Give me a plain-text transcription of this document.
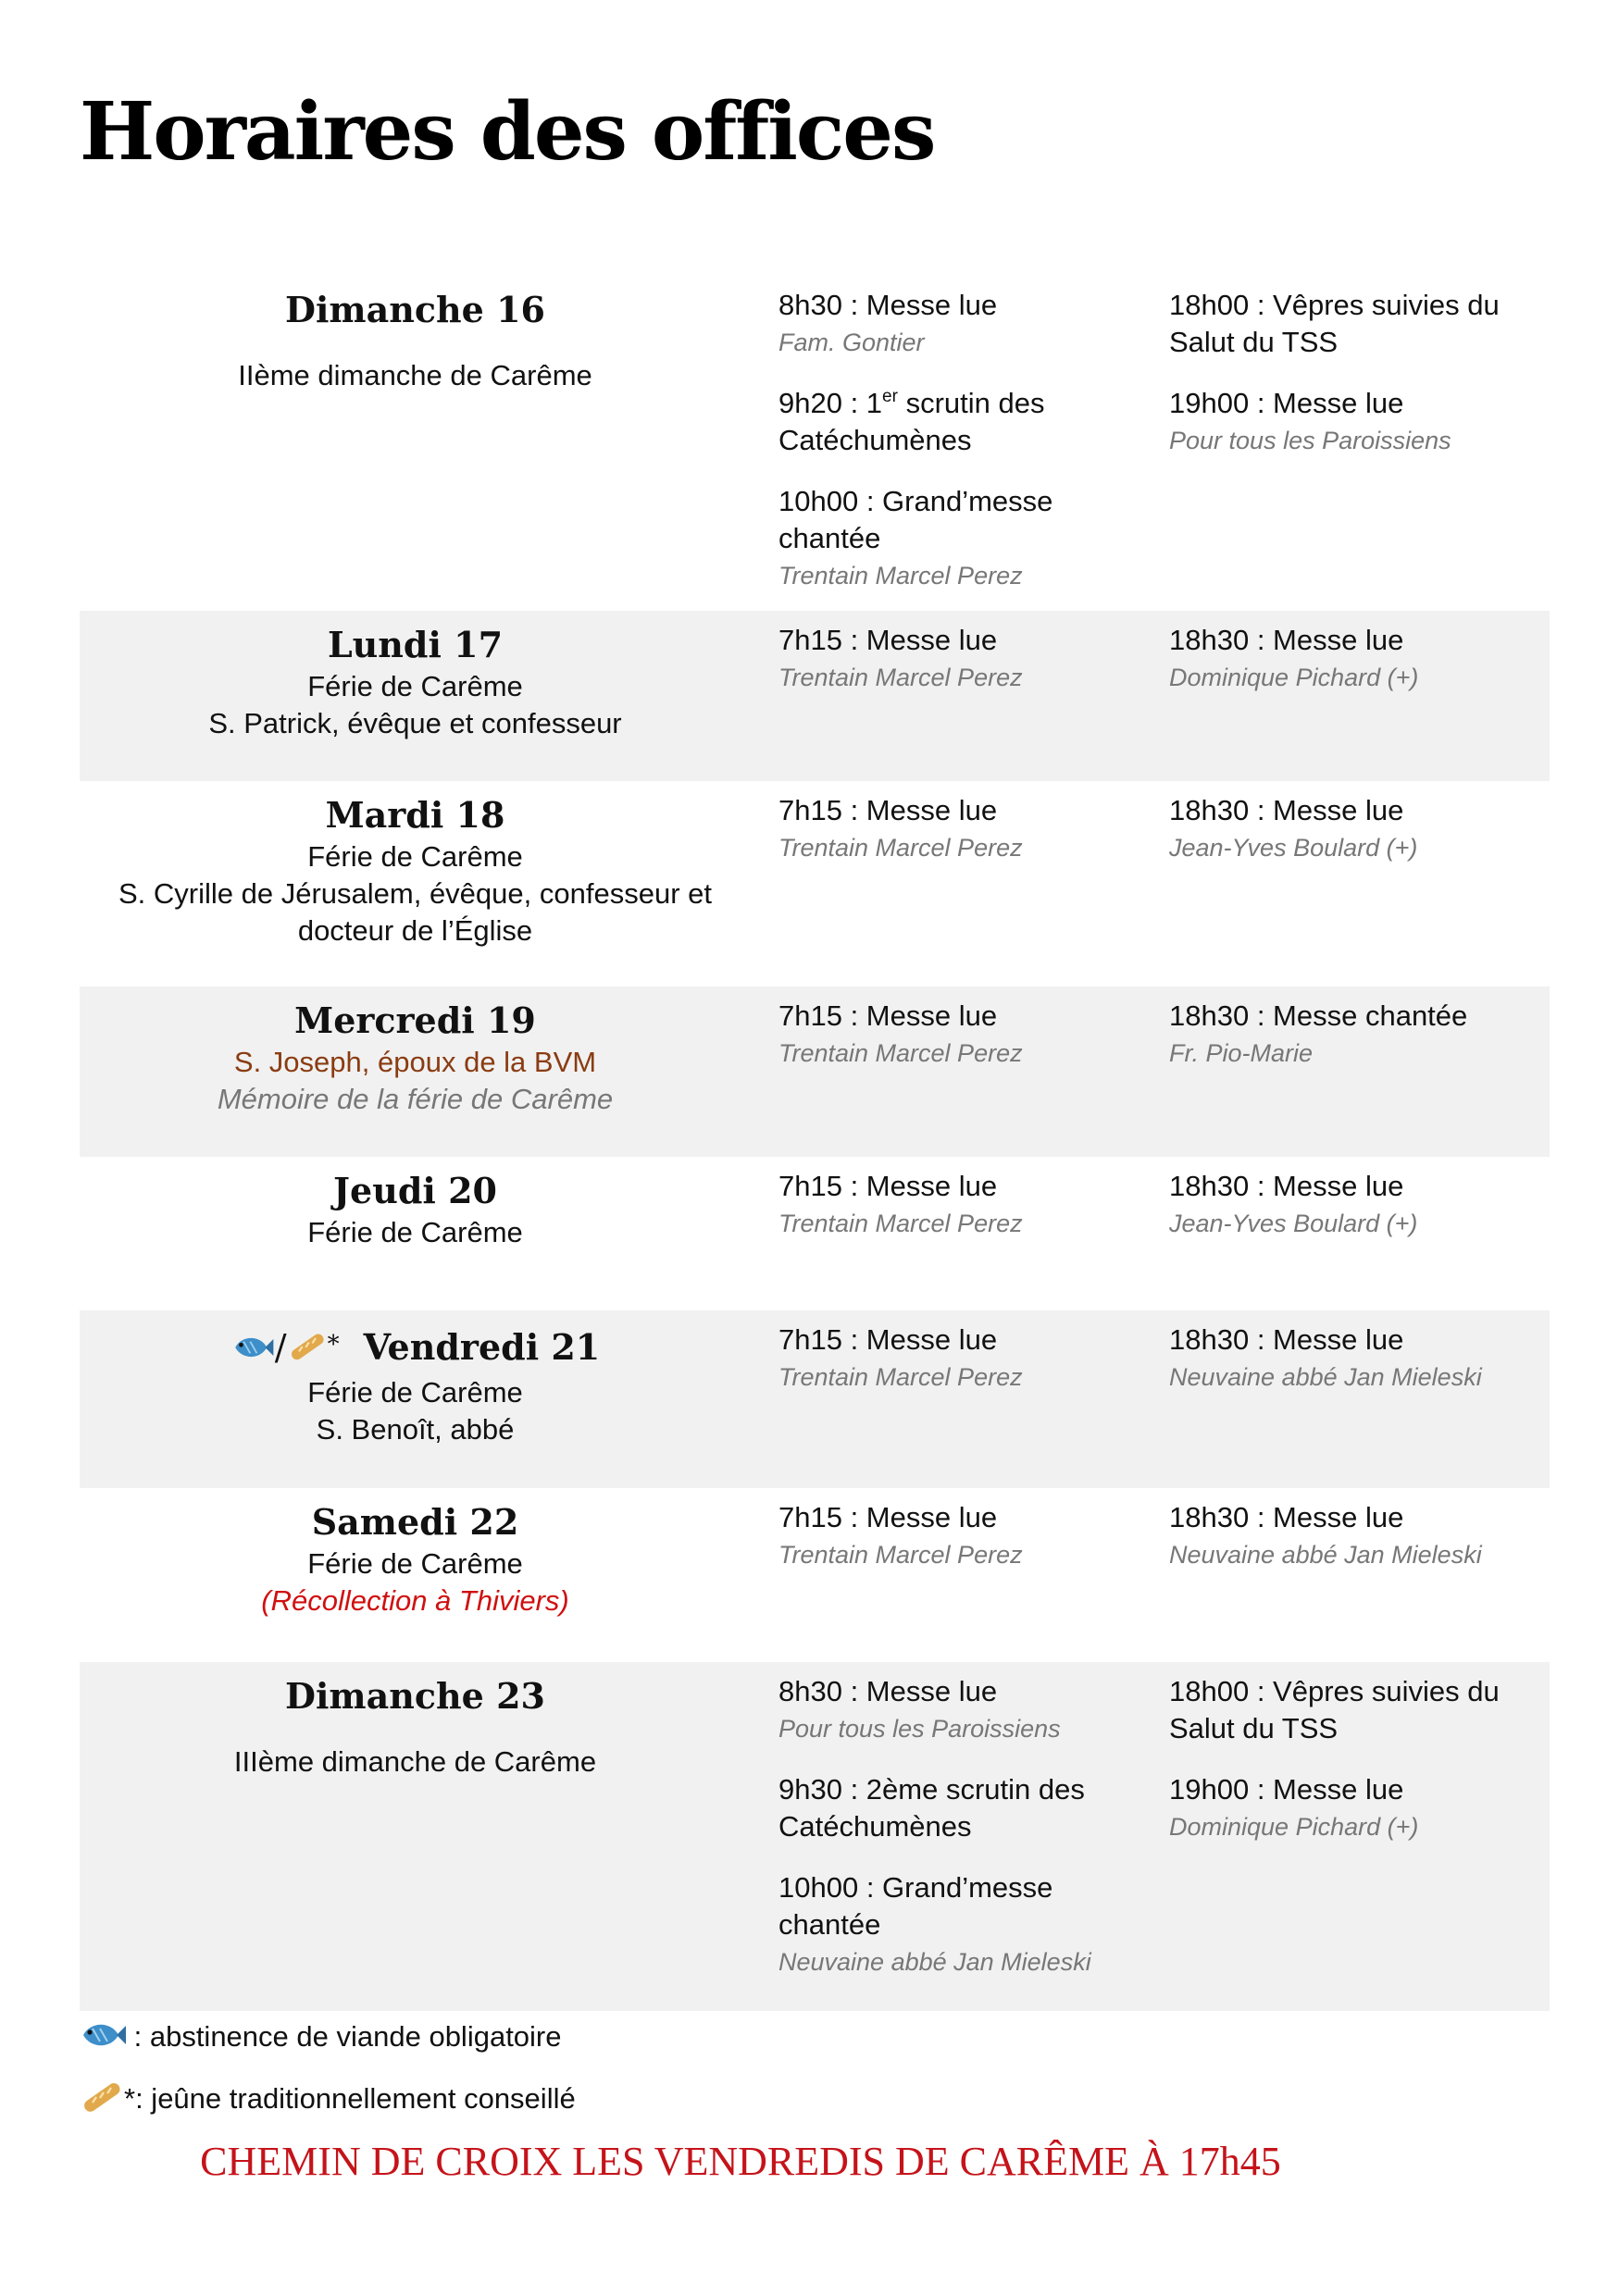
Horaires des offices
Dimanche 16
IIème dimanche de Carême
8h30 : Messe lue
Fam. Gontier
9h20 : 1er scrutin des Catéchumènes
10h00 : Grand’messe chantée
Trentain Marcel Perez
18h00 : Vêpres suivies du Salut du TSS
19h00 : Messe lue
Pour tous les Paroissiens
Lundi 17
Férie de Carême
S. Patrick, évêque et confesseur
7h15 : Messe lue
Trentain Marcel Perez
18h30 : Messe lue
Dominique Pichard (+)
Mardi 18
Férie de Carême
S. Cyrille de Jérusalem, évêque, confesseur et docteur de l’Église
7h15 : Messe lue
Trentain Marcel Perez
18h30 : Messe lue
Jean-Yves Boulard (+)
Mercredi 19
S. Joseph, époux de la BVM
Mémoire de la férie de Carême
7h15 : Messe lue
Trentain Marcel Perez
18h30 : Messe chantée
Fr. Pio-Marie
Jeudi 20
Férie de Carême
7h15 : Messe lue
Trentain Marcel Perez
18h30 : Messe lue
Jean-Yves Boulard (+)
/ * Vendredi 21
Férie de Carême
S. Benoît, abbé
7h15 : Messe lue
Trentain Marcel Perez
18h30 : Messe lue
Neuvaine abbé Jan Mieleski
Samedi 22
Férie de Carême
(Récollection à Thiviers)
7h15 : Messe lue
Trentain Marcel Perez
18h30 : Messe lue
Neuvaine abbé Jan Mieleski
Dimanche 23
IIIème dimanche de Carême
8h30 : Messe lue
Pour tous les Paroissiens
9h30 : 2ème scrutin des Catéchumènes
10h00 : Grand’messe chantée
Neuvaine abbé Jan Mieleski
18h00 : Vêpres suivies du Salut du TSS
19h00 : Messe lue
Dominique Pichard (+)
: abstinence de viande obligatoire
*: jeûne traditionnellement conseillé
CHEMIN DE CROIX LES VENDREDIS DE CARÊME À 17h45
